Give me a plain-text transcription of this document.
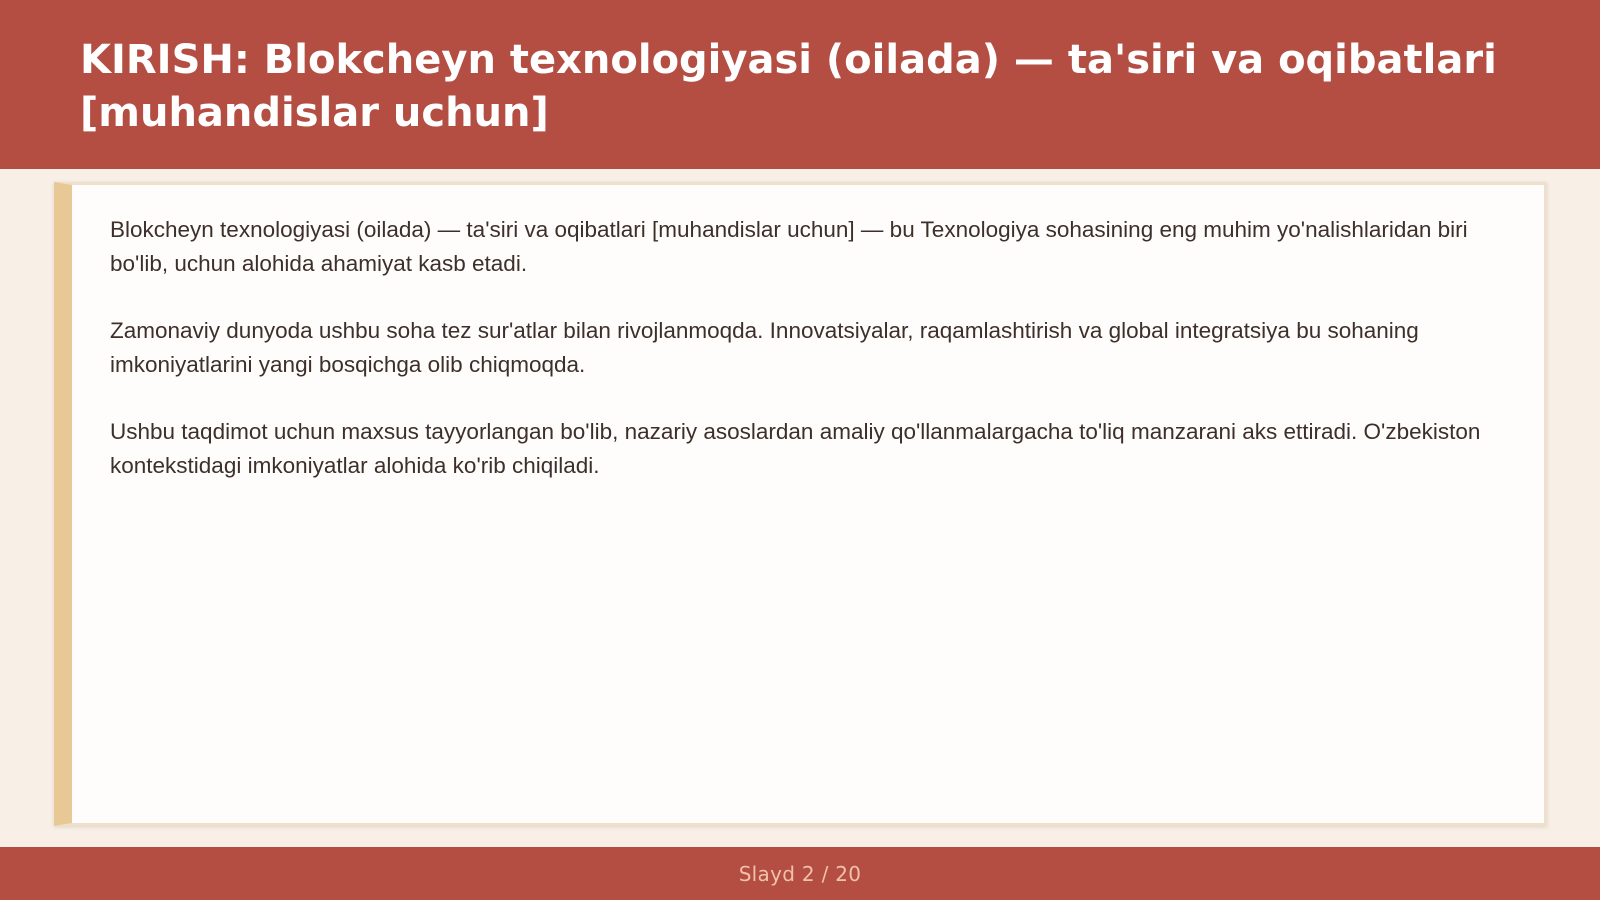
KIRISH: Blokcheyn texnologiyasi (oilada) — ta'siri va oqibatlari [muhandislar uchun]

Blokcheyn texnologiyasi (oilada) — ta'siri va oqibatlari [muhandislar uchun] — bu Texnologiya sohasining eng muhim yo'nalishlaridan biri bo'lib, uchun alohida ahamiyat kasb etadi.

Zamonaviy dunyoda ushbu soha tez sur'atlar bilan rivojlanmoqda. Innovatsiyalar, raqamlashtirish va global integratsiya bu sohaning imkoniyatlarini yangi bosqichga olib chiqmoqda.

Ushbu taqdimot uchun maxsus tayyorlangan bo'lib, nazariy asoslardan amaliy qo'llanmalargacha to'liq manzarani aks ettiradi. O'zbekiston kontekstidagi imkoniyatlar alohida ko'rib chiqiladi.

Slayd 2 / 20
